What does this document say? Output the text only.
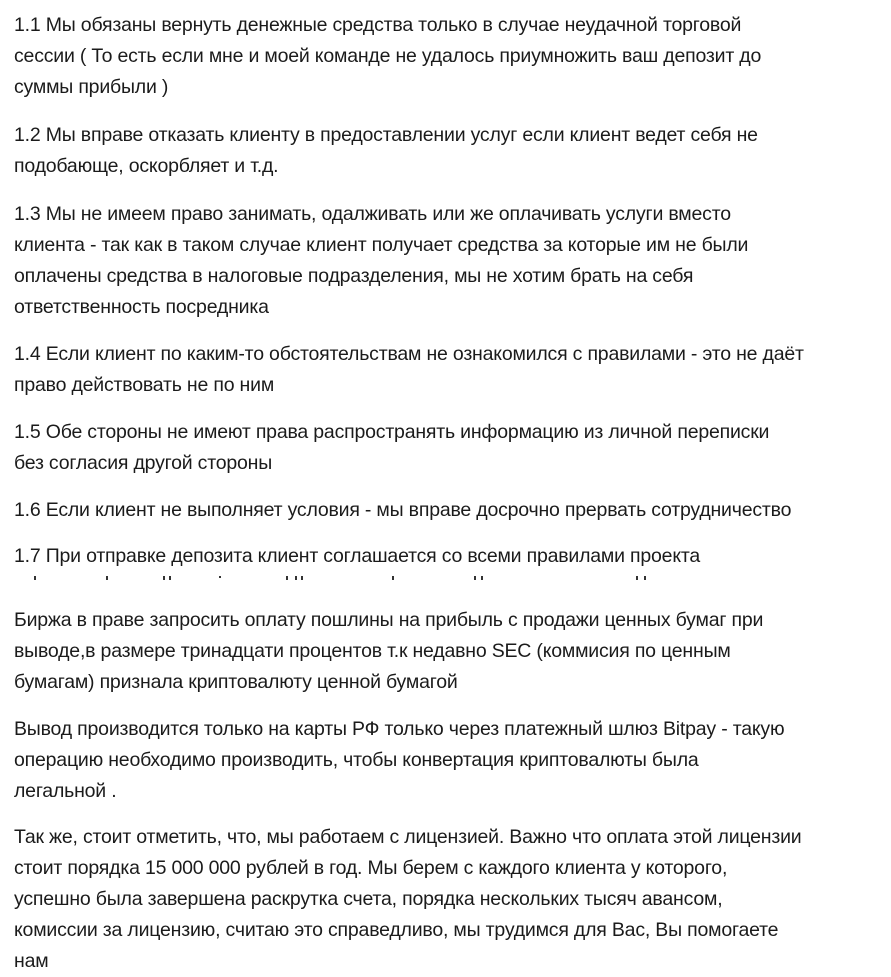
1.1 Мы обязаны вернуть денежные средства только в случае неудачной торговой
сессии ( То есть если мне и моей команде не удалось приумножить ваш депозит до
суммы прибыли )
1.2 Мы вправе отказать клиенту в предоставлении услуг если клиент ведет себя не
подобающе, оскорбляет и т.д.
1.3 Мы не имеем право занимать, одалживать или же оплачивать услуги вместо
клиента - так как в таком случае клиент получает средства за которые им не были
оплачены средства в налоговые подразделения, мы не хотим брать на себя
ответственность посредника
1.4 Если клиент по каким-то обстоятельствам не ознакомился с правилами - это не даёт
право действовать не по ним
1.5 Обе стороны не имеют права распространять информацию из личной переписки
без согласия другой стороны
1.6 Если клиент не выполняет условия - мы вправе досрочно прервать сотрудничество
1.7 При отправке депозита клиент соглашается со всеми правилами проекта
Биржа в праве запросить оплату пошлины на прибыль с продажи ценных бумаг при
выводе,в размере тринадцати процентов т.к недавно SEC (коммисия по ценным
бумагам) признала криптовалюту ценной бумагой
Вывод производится только на карты РФ только через платежный шлюз Bitpay - такую
операцию необходимо производить, чтобы конвертация криптовалюты была
легальной .
Так же, стоит отметить, что, мы работаем с лицензией. Важно что оплата этой лицензии
стоит порядка 15 000 000 рублей в год. Мы берем с каждого клиента у которого,
успешно была завершена раскрутка счета, порядка нескольких тысяч авансом,
комиссии за лицензию, считаю это справедливо, мы трудимся для Вас, Вы помогаете
нам
